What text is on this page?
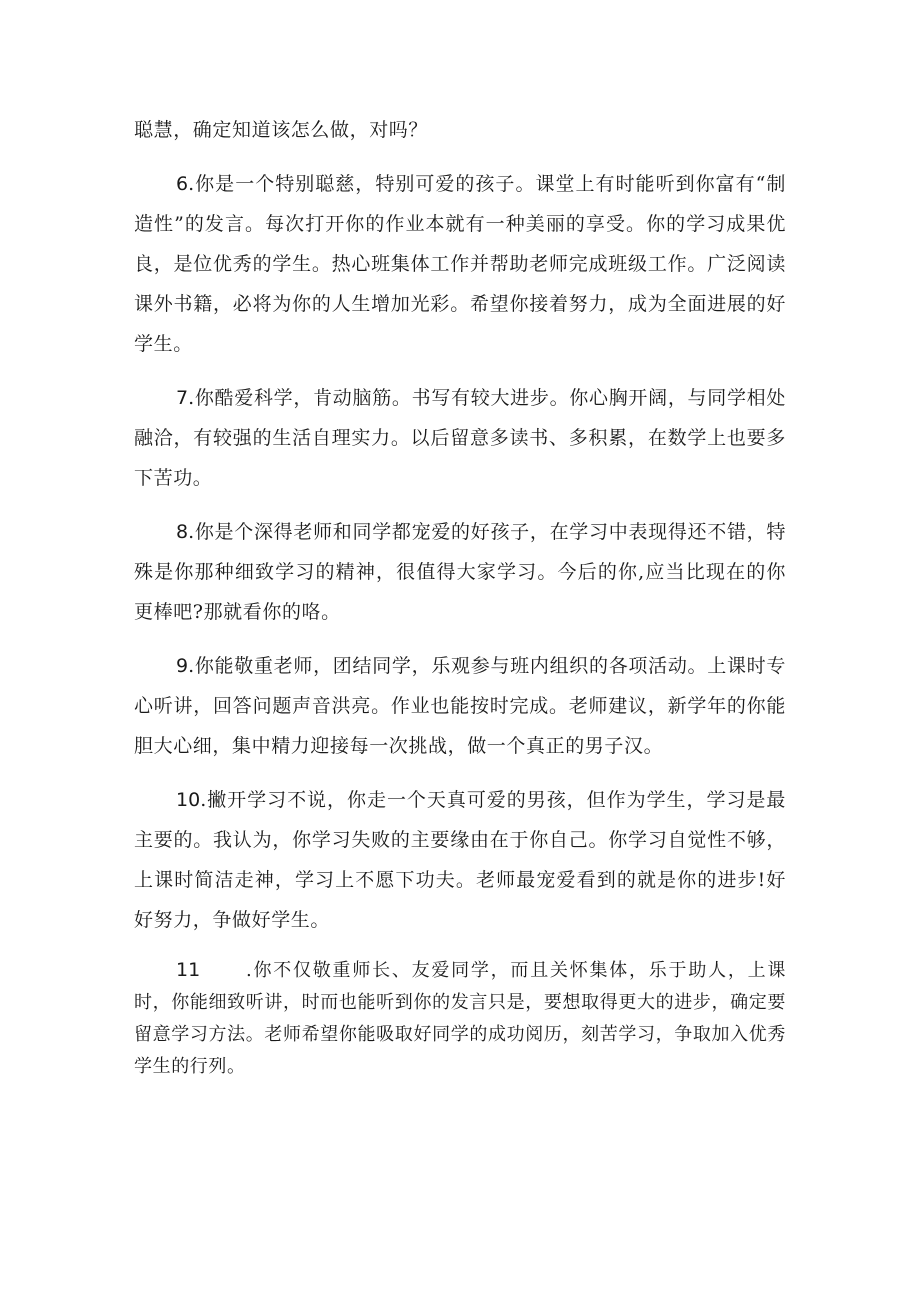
聪慧，确定知道该怎么做，对吗？

6.你是一个特别聪慈，特别可爱的孩子。课堂上有时能听到你富有“制造性”的发言。每次打开你的作业本就有一种美丽的享受。你的学习成果优良，是位优秀的学生。热心班集体工作并帮助老师完成班级工作。广泛阅读课外书籍，必将为你的人生增加光彩。希望你接着努力，成为全面进展的好学生。

7.你酷爱科学，肯动脑筋。书写有较大进步。你心胸开阔，与同学相处融洽，有较强的生活自理实力。以后留意多读书、多积累，在数学上也要多下苦功。

8.你是个深得老师和同学都宠爱的好孩子，在学习中表现得还不错，特殊是你那种细致学习的精神，很值得大家学习。今后的你,应当比现在的你更棒吧?那就看你的咯。

9.你能敬重老师，团结同学，乐观参与班内组织的各项活动。上课时专心听讲，回答问题声音洪亮。作业也能按时完成。老师建议，新学年的你能胆大心细，集中精力迎接每一次挑战，做一个真正的男子汉。

10.撇开学习不说，你走一个天真可爱的男孩，但作为学生，学习是最主要的。我认为，你学习失败的主要缘由在于你自己。你学习自觉性不够，上课时简洁走神，学习上不愿下功夫。老师最宠爱看到的就是你的进步!好好努力，争做好学生。

11	.你不仅敬重师长、友爱同学，而且关怀集体，乐于助人，上课时，你能细致听讲，时而也能听到你的发言只是，要想取得更大的进步，确定要留意学习方法。老师希望你能吸取好同学的成功阅历，刻苦学习，争取加入优秀学生的行列。
